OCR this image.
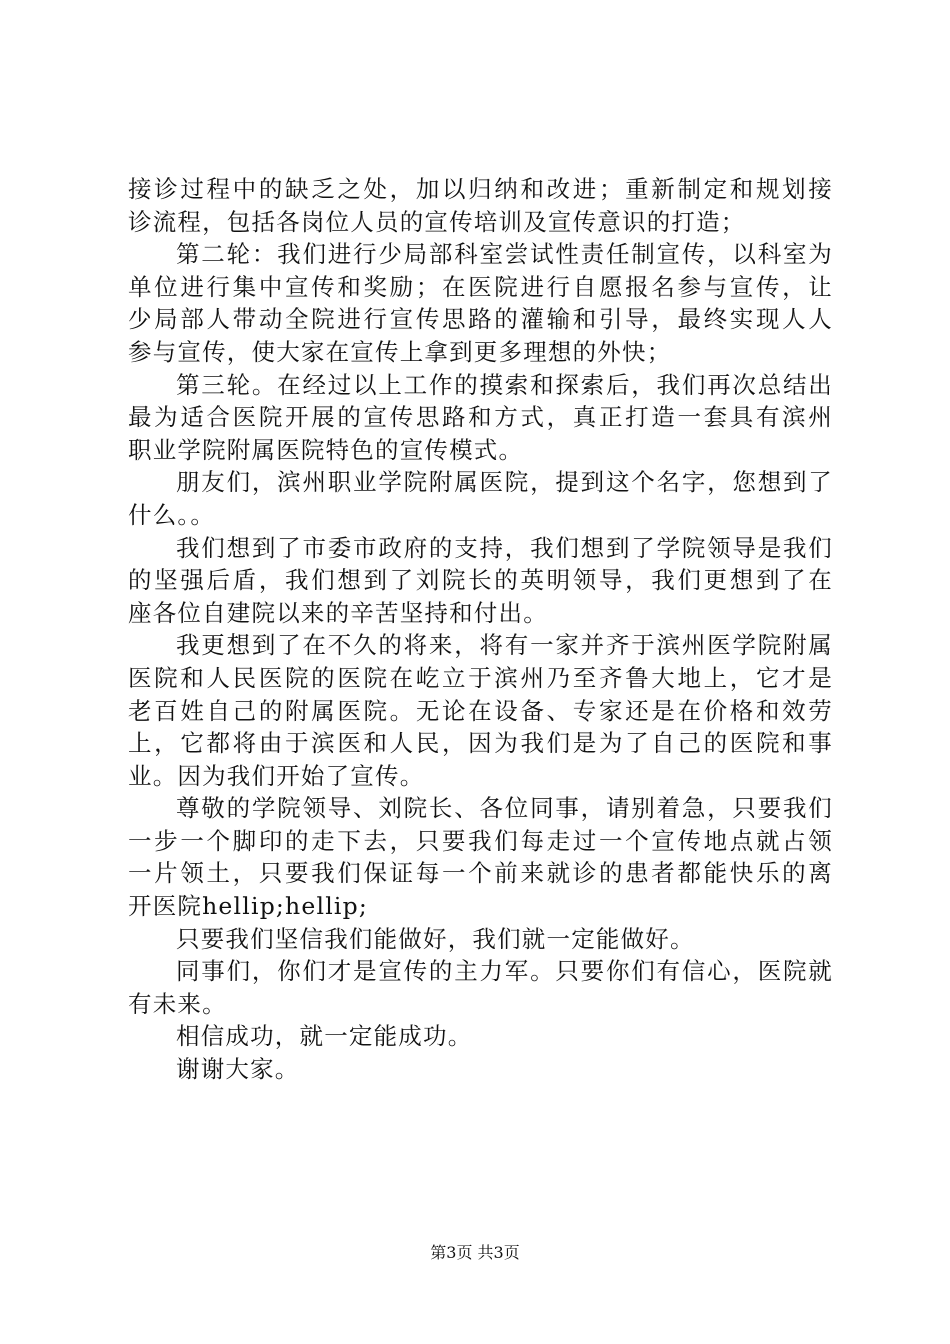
接诊过程中的缺乏之处，加以归纳和改进；重新制定和规划接
诊流程，包括各岗位人员的宣传培训及宣传意识的打造；
第二轮：我们进行少局部科室尝试性责任制宣传，以科室为
单位进行集中宣传和奖励；在医院进行自愿报名参与宣传，让
少局部人带动全院进行宣传思路的灌输和引导，最终实现人人
参与宣传，使大家在宣传上拿到更多理想的外快；
第三轮。在经过以上工作的摸索和探索后，我们再次总结出
最为适合医院开展的宣传思路和方式，真正打造一套具有滨州
职业学院附属医院特色的宣传模式。
朋友们，滨州职业学院附属医院，提到这个名字，您想到了
什么。。
我们想到了市委市政府的支持，我们想到了学院领导是我们
的坚强后盾，我们想到了刘院长的英明领导，我们更想到了在
座各位自建院以来的辛苦坚持和付出。
我更想到了在不久的将来，将有一家并齐于滨州医学院附属
医院和人民医院的医院在屹立于滨州乃至齐鲁大地上，它才是
老百姓自己的附属医院。无论在设备、专家还是在价格和效劳
上，它都将由于滨医和人民，因为我们是为了自己的医院和事
业。因为我们开始了宣传。
尊敬的学院领导、刘院长、各位同事，请别着急，只要我们
一步一个脚印的走下去，只要我们每走过一个宣传地点就占领
一片领土，只要我们保证每一个前来就诊的患者都能快乐的离
开医院hellip;hellip;
只要我们坚信我们能做好，我们就一定能做好。
同事们，你们才是宣传的主力军。只要你们有信心，医院就
有未来。
相信成功，就一定能成功。
谢谢大家。
第3页 共3页
